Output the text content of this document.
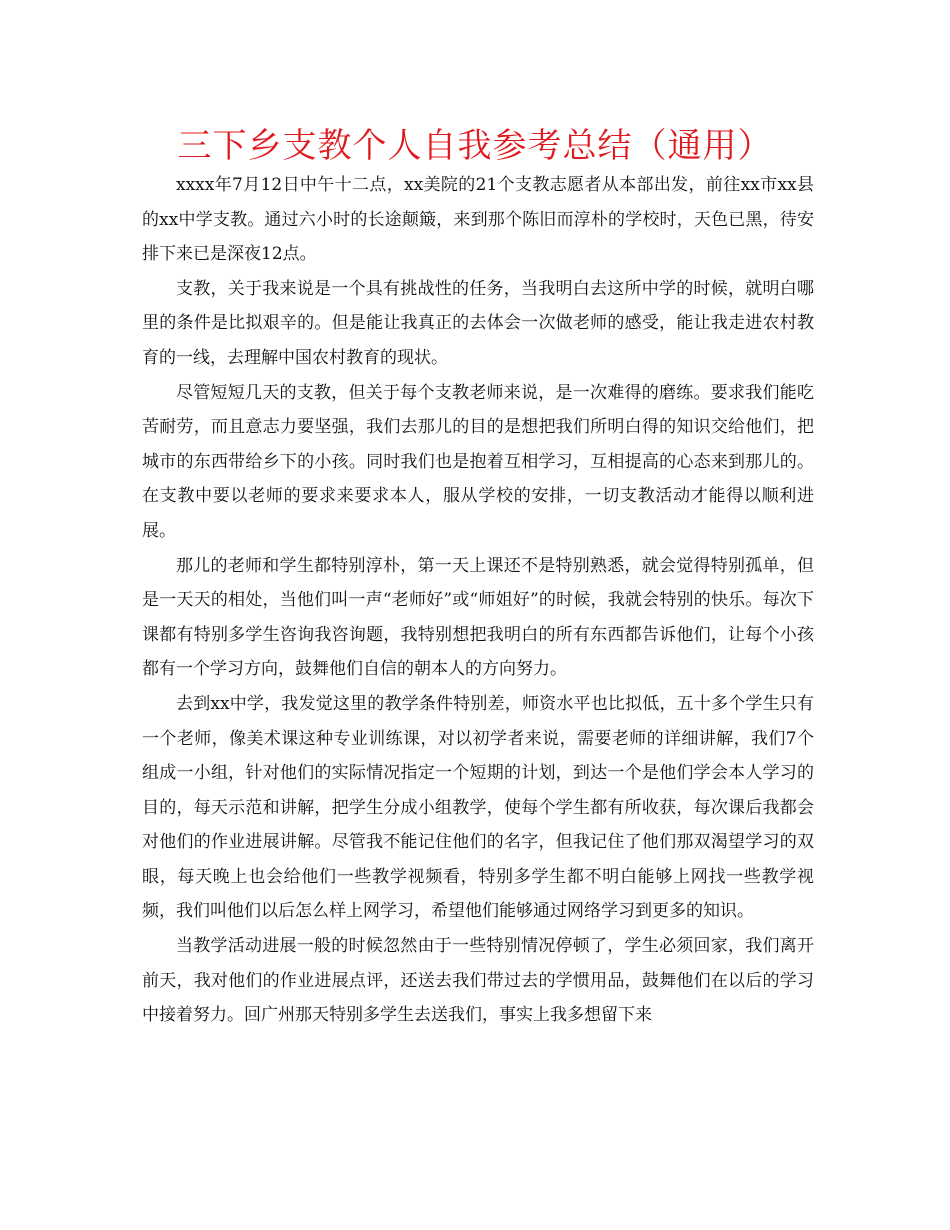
三下乡支教个人自我参考总结（通用）

xxxx年7月12日中午十二点，xx美院的21个支教志愿者从本部出发，前往xx市xx县的xx中学支教。通过六小时的长途颠簸，来到那个陈旧而淳朴的学校时，天色已黑，待安排下来已是深夜12点。

支教，关于我来说是一个具有挑战性的任务，当我明白去这所中学的时候，就明白哪里的条件是比拟艰辛的。但是能让我真正的去体会一次做老师的感受，能让我走进农村教育的一线，去理解中国农村教育的现状。

尽管短短几天的支教，但关于每个支教老师来说，是一次难得的磨练。要求我们能吃苦耐劳，而且意志力要坚强，我们去那儿的目的是想把我们所明白得的知识交给他们，把城市的东西带给乡下的小孩。同时我们也是抱着互相学习，互相提高的心态来到那儿的。在支教中要以老师的要求来要求本人，服从学校的安排，一切支教活动才能得以顺利进展。

那儿的老师和学生都特别淳朴，第一天上课还不是特别熟悉，就会觉得特别孤单，但是一天天的相处，当他们叫一声“老师好”或“师姐好”的时候，我就会特别的快乐。每次下课都有特别多学生咨询我咨询题，我特别想把我明白的所有东西都告诉他们，让每个小孩都有一个学习方向，鼓舞他们自信的朝本人的方向努力。

去到xx中学，我发觉这里的教学条件特别差，师资水平也比拟低，五十多个学生只有一个老师，像美术课这种专业训练课，对以初学者来说，需要老师的详细讲解，我们7个组成一小组，针对他们的实际情况指定一个短期的计划，到达一个是他们学会本人学习的目的，每天示范和讲解，把学生分成小组教学，使每个学生都有所收获，每次课后我都会对他们的作业进展讲解。尽管我不能记住他们的名字，但我记住了他们那双渴望学习的双眼，每天晚上也会给他们一些教学视频看，特别多学生都不明白能够上网找一些教学视频，我们叫他们以后怎么样上网学习，希望他们能够通过网络学习到更多的知识。

当教学活动进展一般的时候忽然由于一些特别情况停顿了，学生必须回家，我们离开前天，我对他们的作业进展点评，还送去我们带过去的学惯用品，鼓舞他们在以后的学习中接着努力。回广州那天特别多学生去送我们，事实上我多想留下来
